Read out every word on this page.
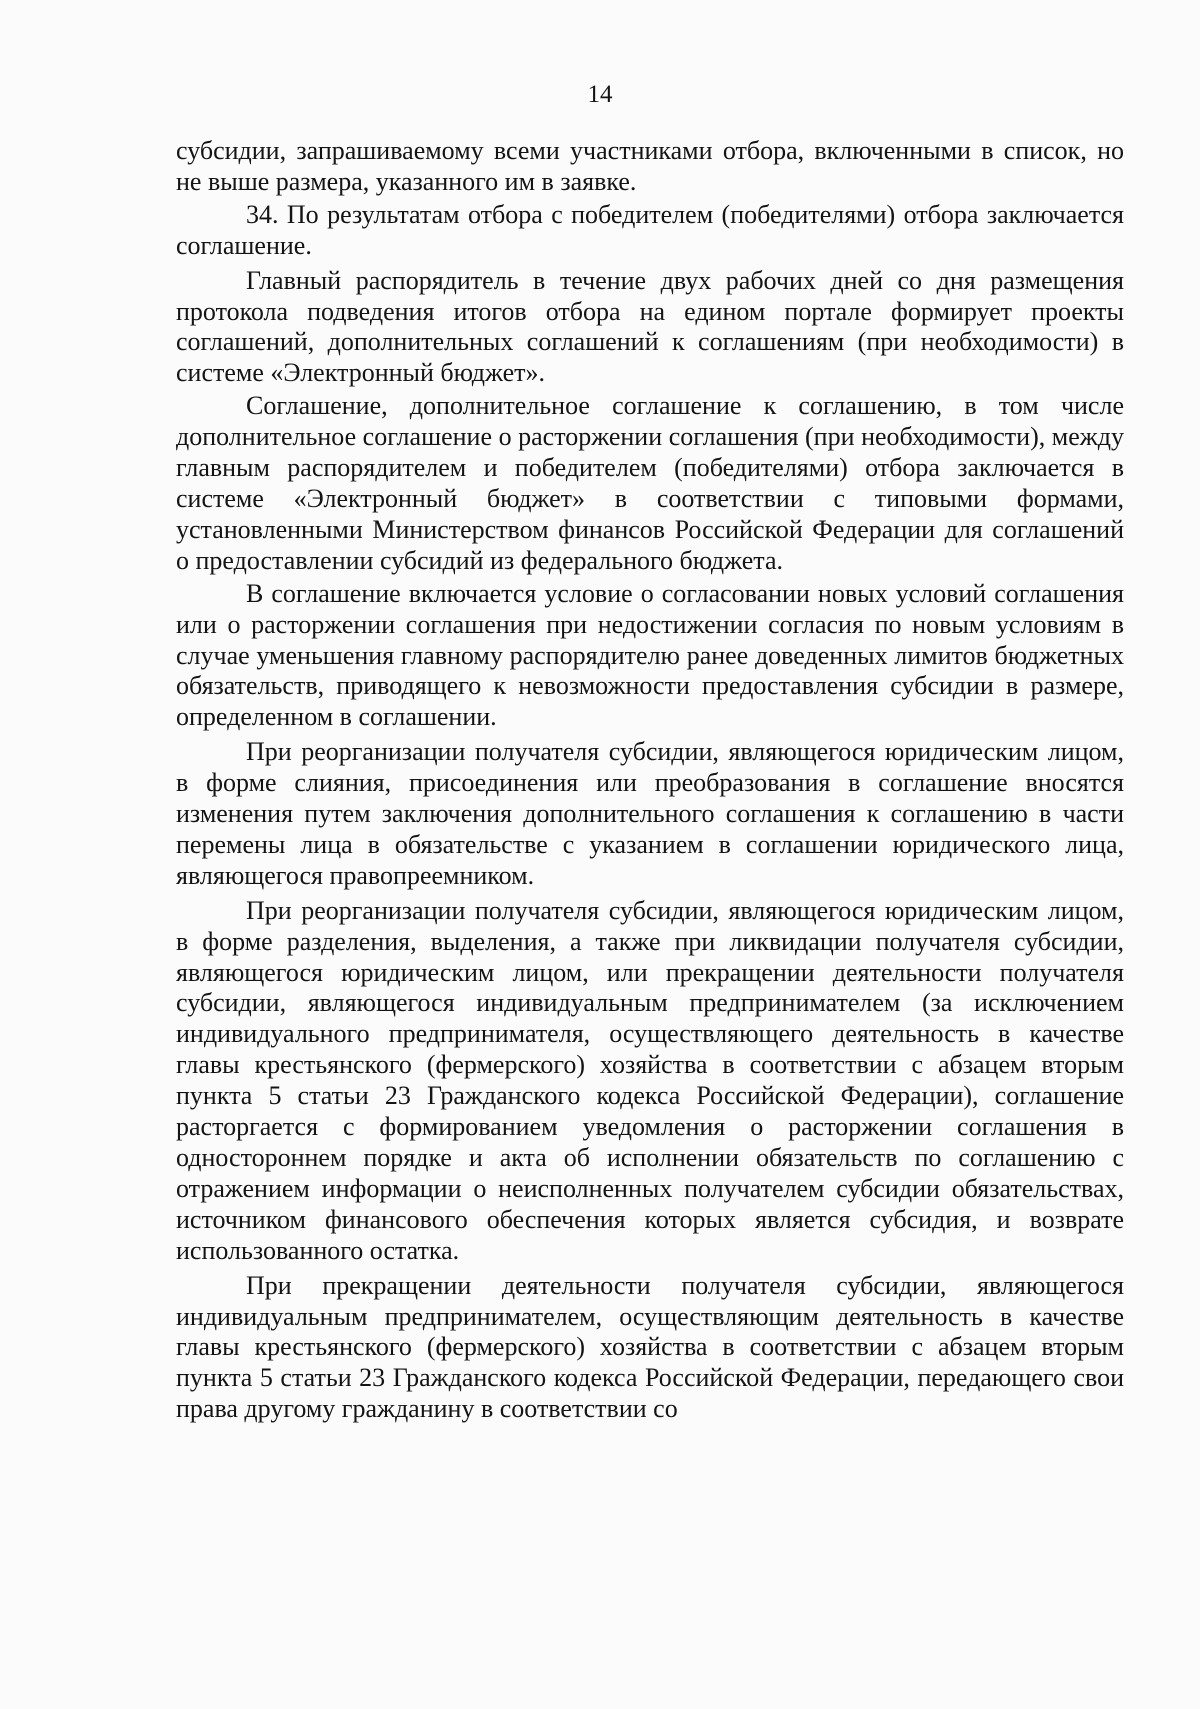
14

субсидии, запрашиваемому всеми участниками отбора, включенными в список, но не выше размера, указанного им в заявке.

34. По результатам отбора с победителем (победителями) отбора заключается соглашение.

Главный распорядитель в течение двух рабочих дней со дня размещения протокола подведения итогов отбора на едином портале формирует проекты соглашений, дополнительных соглашений к соглашениям (при необходимости) в системе «Электронный бюджет».

Соглашение, дополнительное соглашение к соглашению, в том числе дополнительное соглашение о расторжении соглашения (при необходимости), между главным распорядителем и победителем (победителями) отбора заключается в системе «Электронный бюджет» в соответствии с типовыми формами, установленными Министерством финансов Российской Федерации для соглашений о предоставлении субсидий из федерального бюджета.

В соглашение включается условие о согласовании новых условий соглашения или о расторжении соглашения при недостижении согласия по новым условиям в случае уменьшения главному распорядителю ранее доведенных лимитов бюджетных обязательств, приводящего к невозможности предоставления субсидии в размере, определенном в соглашении.

При реорганизации получателя субсидии, являющегося юридическим лицом, в форме слияния, присоединения или преобразования в соглашение вносятся изменения путем заключения дополнительного соглашения к соглашению в части перемены лица в обязательстве с указанием в соглашении юридического лица, являющегося правопреемником.

При реорганизации получателя субсидии, являющегося юридическим лицом, в форме разделения, выделения, а также при ликвидации получателя субсидии, являющегося юридическим лицом, или прекращении деятельности получателя субсидии, являющегося индивидуальным предпринимателем (за исключением индивидуального предпринимателя, осуществляющего деятельность в качестве главы крестьянского (фермерского) хозяйства в соответствии с абзацем вторым пункта 5 статьи 23 Гражданского кодекса Российской Федерации), соглашение расторгается с формированием уведомления о расторжении соглашения в одностороннем порядке и акта об исполнении обязательств по соглашению с отражением информации о неисполненных получателем субсидии обязательствах, источником финансового обеспечения которых является субсидия, и возврате использованного остатка.

При прекращении деятельности получателя субсидии, являющегося индивидуальным предпринимателем, осуществляющим деятельность в качестве главы крестьянского (фермерского) хозяйства в соответствии с абзацем вторым пункта 5 статьи 23 Гражданского кодекса Российской Федерации, передающего свои права другому гражданину в соответствии со
